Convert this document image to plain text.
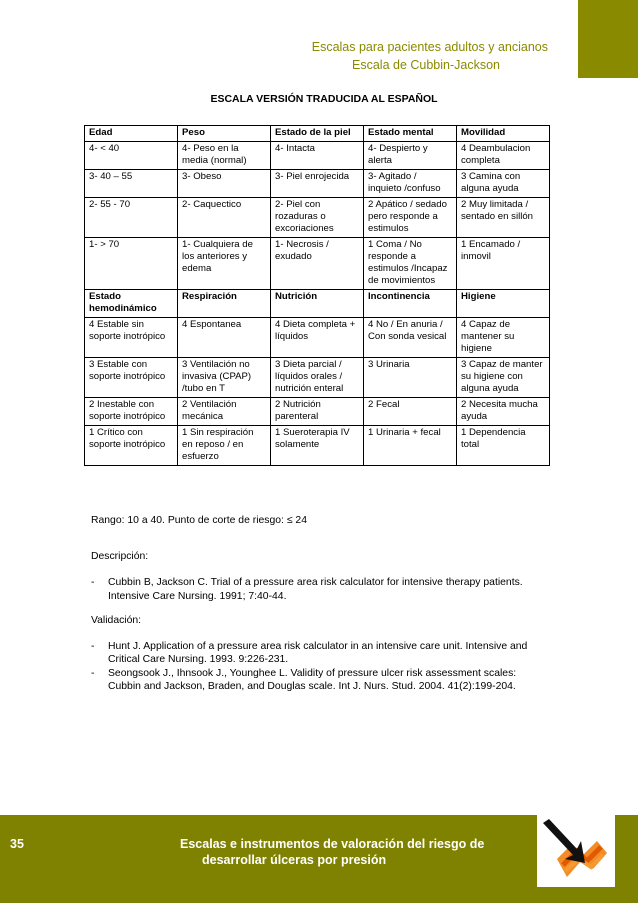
Escalas para pacientes adultos y ancianos
Escala de Cubbin-Jackson
ESCALA VERSIÓN TRADUCIDA AL ESPAÑOL
Edad	Peso	Estado de la piel	Estado mental	Movilidad
4- < 40	4- Peso en la media (normal)	4- Intacta	4- Despierto y alerta	4 Deambulacion completa
3- 40 – 55	3- Obeso	3- Piel enrojecida	3- Agitado / inquieto /confuso	3 Camina con alguna ayuda
2- 55 - 70	2- Caquectico	2- Piel con rozaduras o excoriaciones	2 Apático / sedado pero responde a estimulos	2 Muy limitada / sentado en sillón
1- > 70	1- Cualquiera de los anteriores y edema	1- Necrosis / exudado	1 Coma / No responde a estimulos /Incapaz de movimientos	1 Encamado / inmovil
Estado hemodinámico	Respiración	Nutrición	Incontinencia	Higiene
4 Estable sin soporte inotrópico	4 Espontanea	4 Dieta completa + líquidos	4 No / En anuria / Con sonda vesical	4 Capaz de mantener su higiene
3 Estable con soporte inotrópico	3 Ventilación no invasiva (CPAP) /tubo en T	3 Dieta parcial / líquidos orales / nutrición enteral	3 Urinaria	3 Capaz de manter su higiene con alguna ayuda
2 Inestable con soporte inotrópico	2 Ventilación mecánica	2 Nutrición parenteral	2 Fecal	2 Necesita mucha ayuda
1 Crítico con soporte inotrópico	1 Sin respiración en reposo / en esfuerzo	1 Sueroterapia IV solamente	1 Urinaria + fecal	1 Dependencia total

Rango: 10 a 40. Punto de corte de riesgo: ≤ 24

Descripción:

- Cubbin B, Jackson C. Trial of a pressure area risk calculator for intensive therapy patients. Intensive Care Nursing. 1991; 7:40-44.

Validación:

- Hunt J. Application of a pressure area risk calculator in an intensive care unit. Intensive and Critical Care Nursing. 1993. 9:226-231.
- Seongsook J., Ihnsook J., Younghee L. Validity of pressure ulcer risk assessment scales: Cubbin and Jackson, Braden, and Douglas scale. Int J. Nurs. Stud. 2004. 41(2):199-204.
35	Escalas e instrumentos de valoración del riesgo de
desarrollar úlceras por presión
